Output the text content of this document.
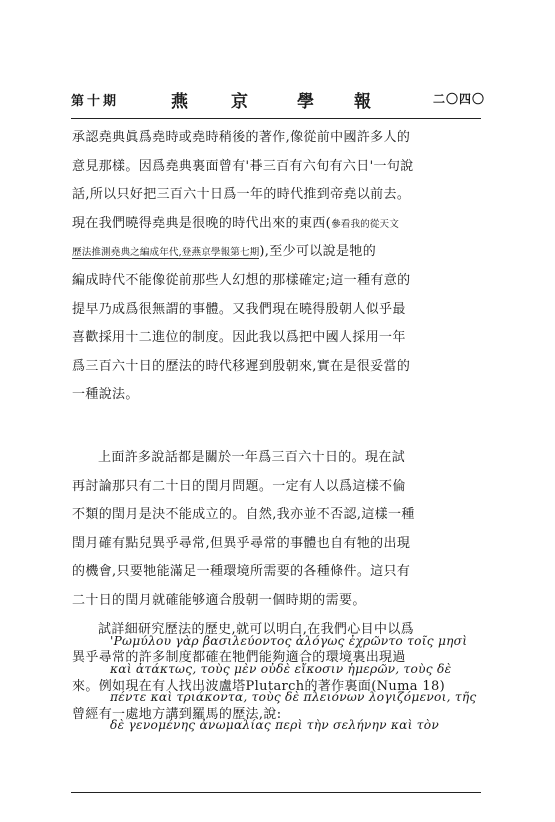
第十期	燕	京	學 報	二〇四〇
承認堯典眞爲堯時或堯時稍後的著作,像從前中國許多人的
意見那樣。因爲堯典裏面曾有'朞三百有六旬有六日'一句說
話,所以只好把三百六十日爲一年的時代推到帝堯以前去。
現在我們曉得堯典是很晚的時代出來的東西(參看我的從天文
歷法推測堯典之編成年代,登燕京學報第七期),至少可以說是牠的
編成時代不能像從前那些人幻想的那樣確定;這一種有意的
提早乃成爲很無謂的事體。又我們現在曉得殷朝人似乎最
喜歡採用十二進位的制度。因此我以爲把中國人採用一年
爲三百六十日的歷法的時代移遲到殷朝來,實在是很妥當的
一種說法。
上面許多說話都是關於一年爲三百六十日的。現在試
再討論那只有二十日的閏月問題。一定有人以爲這樣不倫
不類的閏月是決不能成立的。自然,我亦並不否認,這樣一種
閏月確有點兒異乎尋常,但異乎尋常的事體也自有牠的出現
的機會,只要牠能滿足一種環境所需要的各種條件。這只有
二十日的閏月就確能够適合殷朝一個時期的需要。
試詳細研究歷法的歷史,就可以明白,在我們心目中以爲
異乎尋常的許多制度都確在牠們能夠適合的環境裏出現過
來。例如現在有人找出波盧塔Plutarch的著作裏面(Numa 18)
曾經有一處地方講到羅馬的歷法,說:
'Ρωμύλου γὰρ βασιλεύοντος ἀλόγως ἐχρῶντο τοῖς μησὶ
καὶ ἀτάκτως, τοὺς μὲν οὐδὲ εἴκοσιν ἡμερῶν, τοὺς δὲ
πέντε καὶ τριάκοντα, τοὺς δὲ πλειόνων λογιζόμενοι, τῆς
δὲ γενομένης ἀνωμαλίας περὶ τὴν σελήνην καὶ τὸν
